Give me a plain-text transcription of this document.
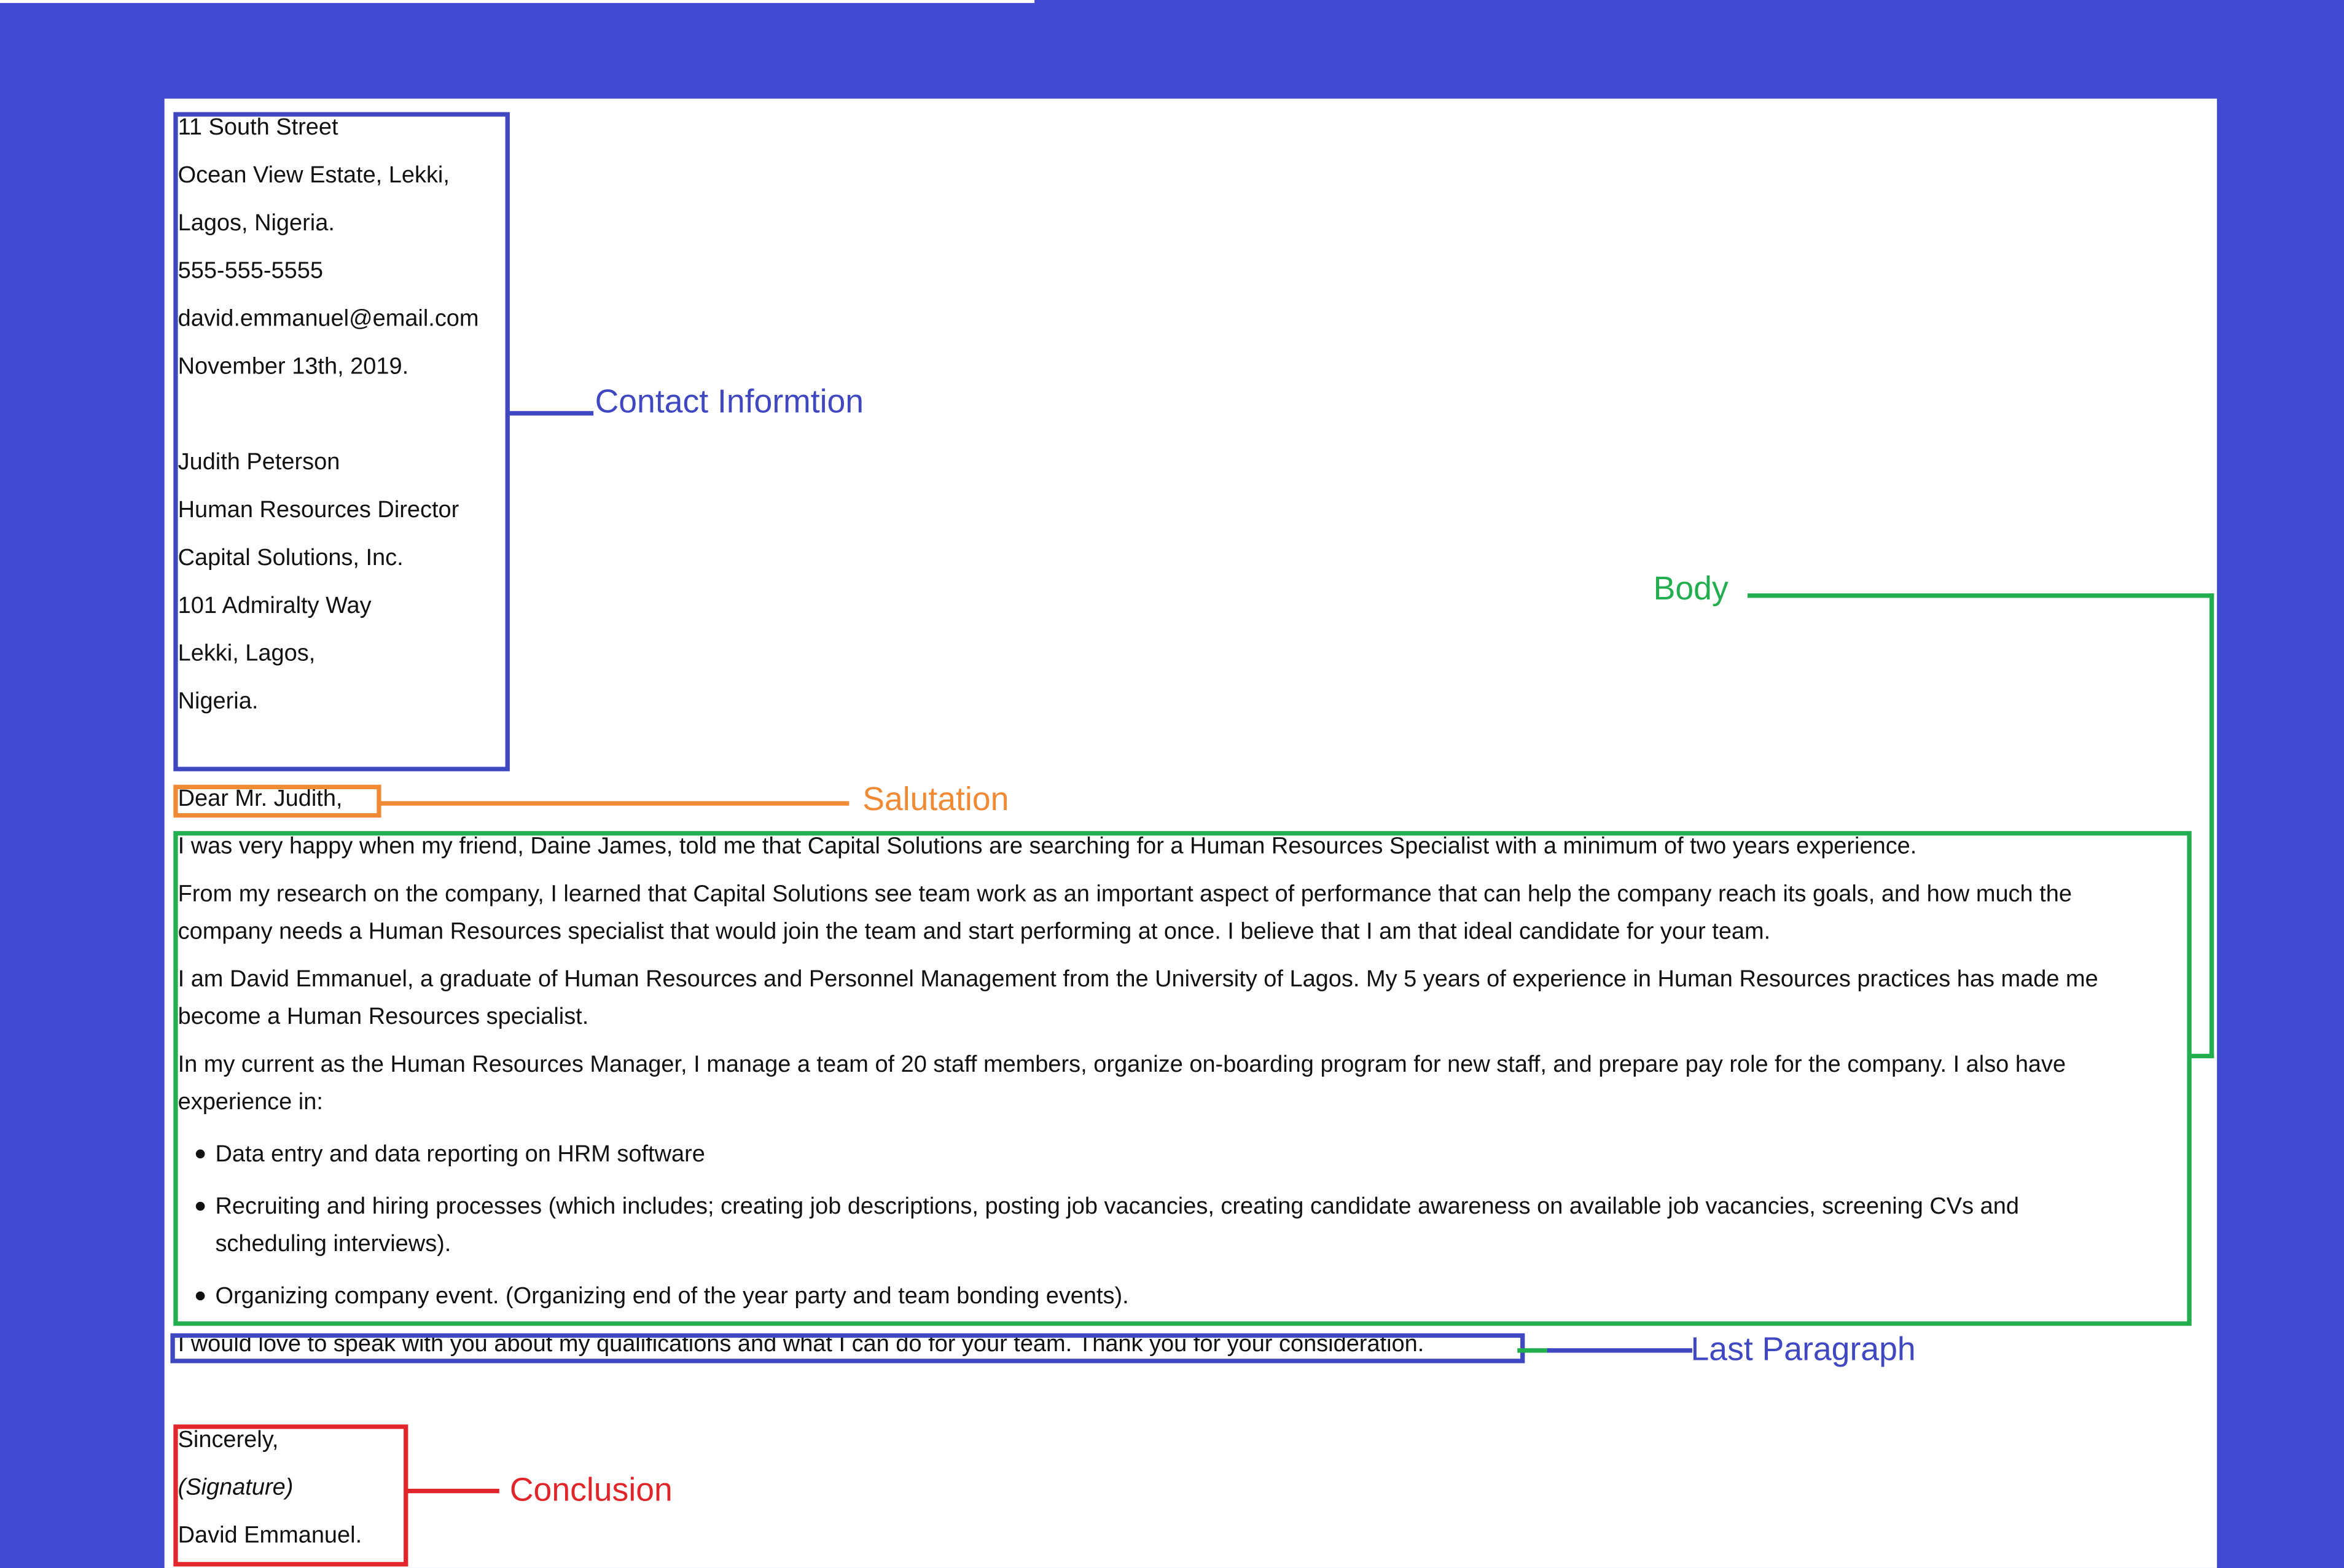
11 South Street
Ocean View Estate, Lekki,
Lagos, Nigeria.
555-555-5555
david.emmanuel@email.com
November 13th, 2019.
Judith Peterson
Human Resources Director
Capital Solutions, Inc.
101 Admiralty Way
Lekki, Lagos,
Nigeria.
Dear Mr. Judith,
I was very happy when my friend, Daine James, told me that Capital Solutions are searching for a Human Resources Specialist with a minimum of two years experience.
From my research on the company, I learned that Capital Solutions see team work as an important aspect of performance that can help the company reach its goals, and how much the
company needs a Human Resources specialist that would join the team and start performing at once. I believe that I am that ideal candidate for your team.
I am David Emmanuel, a graduate of Human Resources and Personnel Management from the University of Lagos. My 5 years of experience in Human Resources practices has made me
become a Human Resources specialist.
In my current as the Human Resources Manager, I manage a team of 20 staff members, organize on-boarding program for new staff, and prepare pay role for the company. I also have
experience in:
Data entry and data reporting on HRM software
Recruiting and hiring processes (which includes; creating job descriptions, posting job vacancies, creating candidate awareness on available job vacancies, screening CVs and
scheduling interviews).
Organizing company event. (Organizing end of the year party and team bonding events).
I would love to speak with you about my qualifications and what I can do for your team. Thank you for your consideration.
Sincerely,
(Signature)
David Emmanuel.
Contact Informtion
Salutation
Body
Last Paragraph
Conclusion
